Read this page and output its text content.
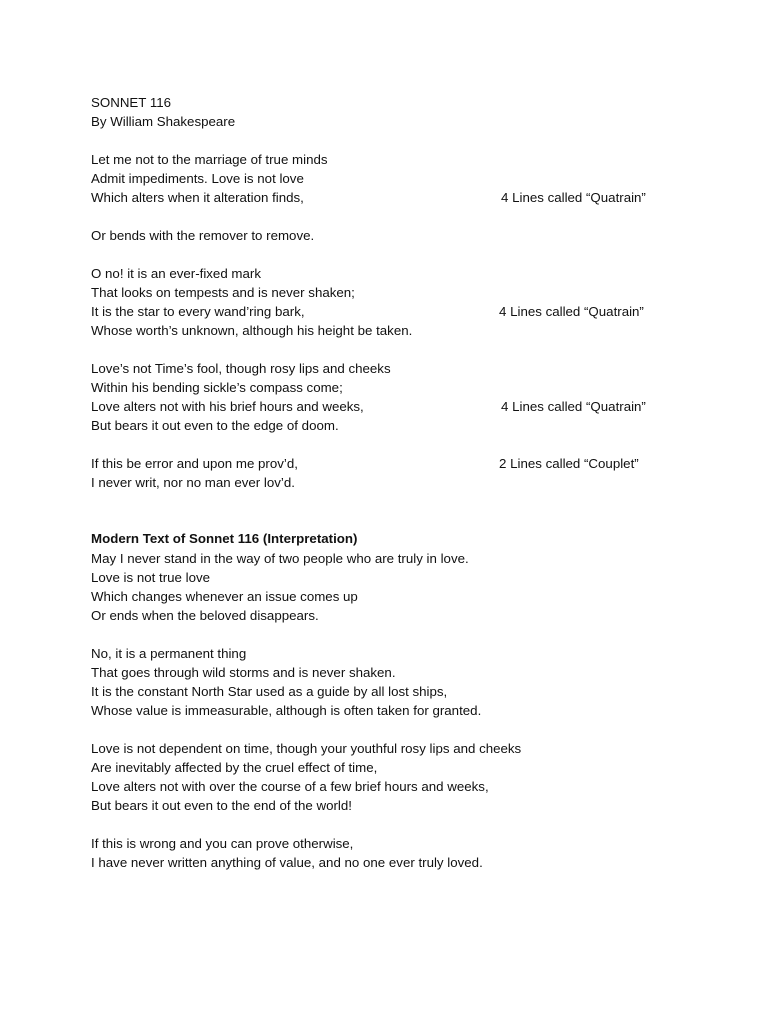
SONNET 116
By William Shakespeare
Let me not to the marriage of true minds
Admit impediments. Love is not love
Which alters when it alteration finds,	4 Lines called “Quatrain”
Or bends with the remover to remove.
O no! it is an ever-fixed mark
That looks on tempests and is never shaken;
It is the star to every wand’ring bark,	4 Lines called “Quatrain”
Whose worth’s unknown, although his height be taken.
Love’s not Time’s fool, though rosy lips and cheeks
Within his bending sickle’s compass come;
Love alters not with his brief hours and weeks,	4 Lines called “Quatrain”
But bears it out even to the edge of doom.
If this be error and upon me prov’d,	2 Lines called “Couplet”
I never writ, nor no man ever lov’d.
Modern Text of Sonnet 116 (Interpretation)
May I never stand in the way of two people who are truly in love.
Love is not true love
Which changes whenever an issue comes up
Or ends when the beloved disappears.
No, it is a permanent thing
That goes through wild storms and is never shaken.
It is the constant North Star used as a guide by all lost ships,
Whose value is immeasurable, although is often taken for granted.
Love is not dependent on time, though your youthful rosy lips and cheeks
Are inevitably affected by the cruel effect of time,
Love alters not with over the course of a few brief hours and weeks,
But bears it out even to the end of the world!
If this is wrong and you can prove otherwise,
I have never written anything of value, and no one ever truly loved.
